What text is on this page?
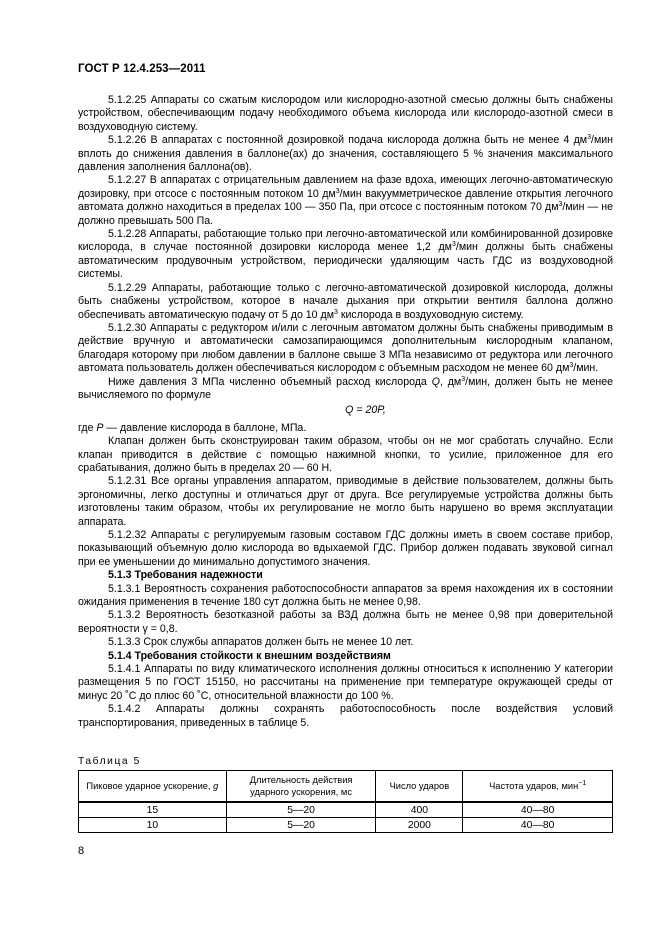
ГОСТ Р 12.4.253—2011

5.1.2.25 Аппараты со сжатым кислородом или кислородно-азотной смесью должны быть снабжены устройством, обеспечивающим подачу необходимого объема кислорода или кислородо-азотной смеси в воздуховодную систему.

5.1.2.26 В аппаратах с постоянной дозировкой подача кислорода должна быть не менее 4 $дм^3$/мин вплоть до снижения давления в баллоне(ах) до значения, составляющего 5 % значения максимального давления заполнения баллона(ов).

5.1.2.27 В аппаратах с отрицательным давлением на фазе вдоха, имеющих легочно-автоматическую дозировку, при отсосе с постоянным потоком 10 $дм^3$/мин вакуумметрическое давление открытия легочного автомата должно находиться в пределах 100 — 350 Па, при отсосе с постоянным потоком 70 $дм^3$/мин — не должно превышать 500 Па.

5.1.2.28 Аппараты, работающие только при легочно-автоматической или комбинированной дозировке кислорода, в случае постоянной дозировки кислорода менее 1,2 $дм^3$/мин должны быть снабжены автоматическим продувочным устройством, периодически удаляющим часть ГДС из воздуховодной системы.

5.1.2.29 Аппараты, работающие только с легочно-автоматической дозировкой кислорода, должны быть снабжены устройством, которое в начале дыхания при открытии вентиля баллона должно обеспечивать автоматическую подачу от 5 до 10 $дм^3$ кислорода в воздуховодную систему.

5.1.2.30 Аппараты с редуктором и/или с легочным автоматом должны быть снабжены приводимым в действие вручную и автоматически самозапирающимся дополнительным кислородным клапаном, благодаря которому при любом давлении в баллоне свыше 3 МПа независимо от редуктора или легочного автомата пользователь должен обеспечиваться кислородом с объемным расходом не менее 60 $дм^3$/мин.

Ниже давления 3 МПа численно объемный расход кислорода Q, $дм^3$/мин, должен быть не менее вычисляемого по формуле

Q = 20P,

где P — давление кислорода в баллоне, МПа.

Клапан должен быть сконструирован таким образом, чтобы он не мог сработать случайно. Если клапан приводится в действие с помощью нажимной кнопки, то усилие, приложенное для его срабатывания, должно быть в пределах 20 — 60 Н.

5.1.2.31 Все органы управления аппаратом, приводимые в действие пользователем, должны быть эргономичны, легко доступны и отличаться друг от друга. Все регулируемые устройства должны быть изготовлены таким образом, чтобы их регулирование не могло быть нарушено во время эксплуатации аппарата.

5.1.2.32 Аппараты с регулируемым газовым составом ГДС должны иметь в своем составе прибор, показывающий объемную долю кислорода во вдыхаемой ГДС. Прибор должен подавать звуковой сигнал при ее уменьшении до минимально допустимого значения.

5.1.3 Требования надежности

5.1.3.1 Вероятность сохранения работоспособности аппаратов за время нахождения их в состоянии ожидания применения в течение 180 сут должна быть не менее 0,98.

5.1.3.2 Вероятность безотказной работы за ВЗД должна быть не менее 0,98 при доверительной вероятности γ = 0,8.

5.1.3.3 Срок службы аппаратов должен быть не менее 10 лет.

5.1.4 Требования стойкости к внешним воздействиям

5.1.4.1 Аппараты по виду климатического исполнения должны относиться к исполнению У категории размещения 5 по ГОСТ 15150, но рассчитаны на применение при температуре окружающей среды от минус 20 ˚С до плюс 60 ˚С, относительной влажности до 100 %.

5.1.4.2 Аппараты должны сохранять работоспособность после воздействия условий транспортирования, приведенных в таблице 5.

Таблица 5
Пиковое ударное ускорение, g	Длительность действия ударного ускорения, мс	Число ударов	Частота ударов, мин$^{-1}$
15	5—20	400	40—80
10	5—20	2000	40—80
8
